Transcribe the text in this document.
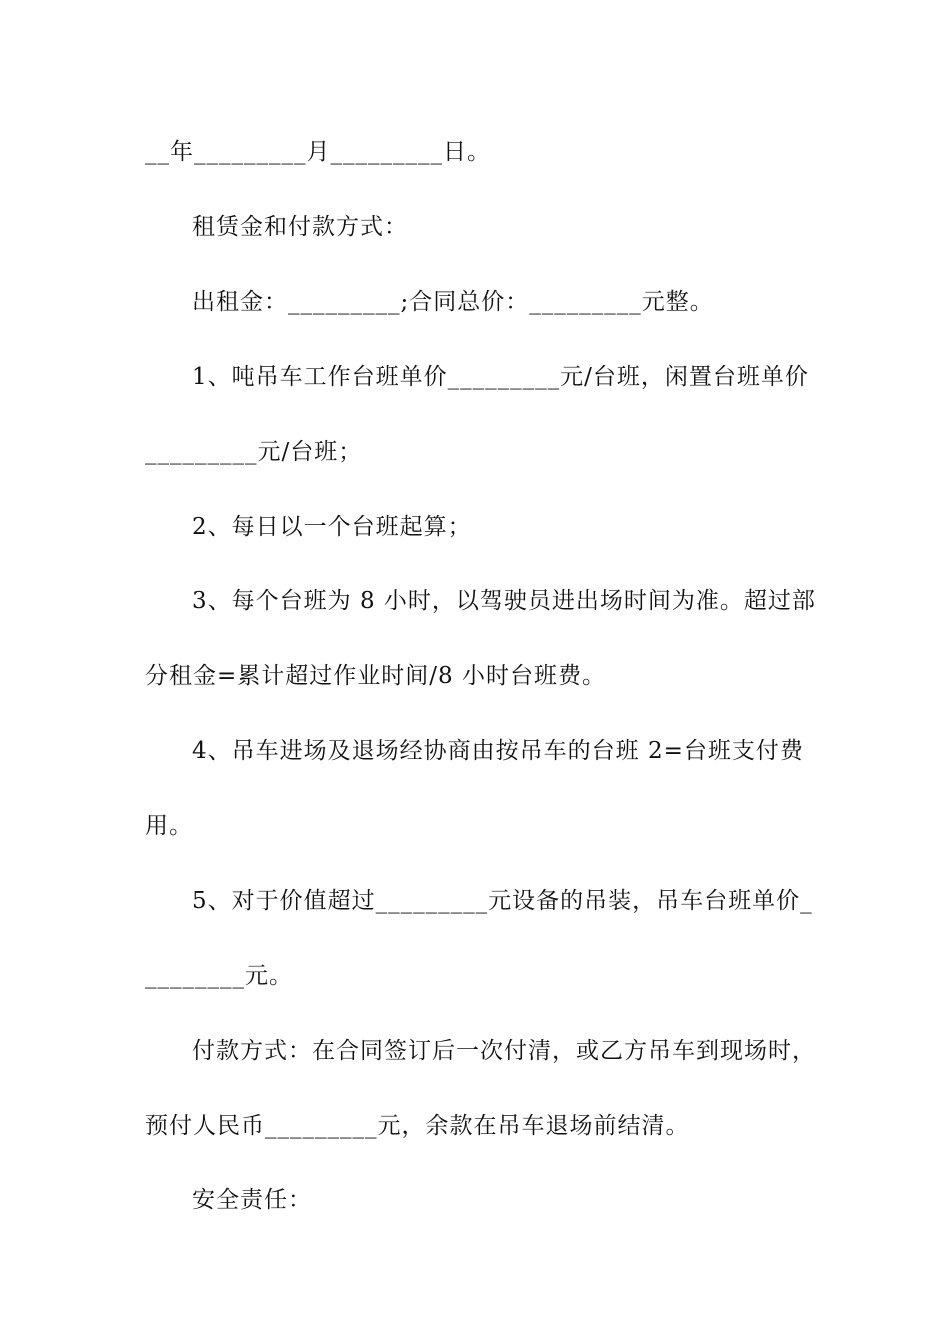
__年_________月_________日。
租赁金和付款方式：
出租金：_________;合同总价：_________元整。
1、吨吊车工作台班单价_________元/台班，闲置台班单价
_________元/台班；
2、每日以一个台班起算；
3、每个台班为 8 小时，以驾驶员进出场时间为准。超过部
分租金=累计超过作业时间/8 小时台班费。
4、吊车进场及退场经协商由按吊车的台班 2=台班支付费
用。
5、对于价值超过_________元设备的吊装，吊车台班单价_
________元。
付款方式：在合同签订后一次付清，或乙方吊车到现场时，
预付人民币_________元，余款在吊车退场前结清。
安全责任：
